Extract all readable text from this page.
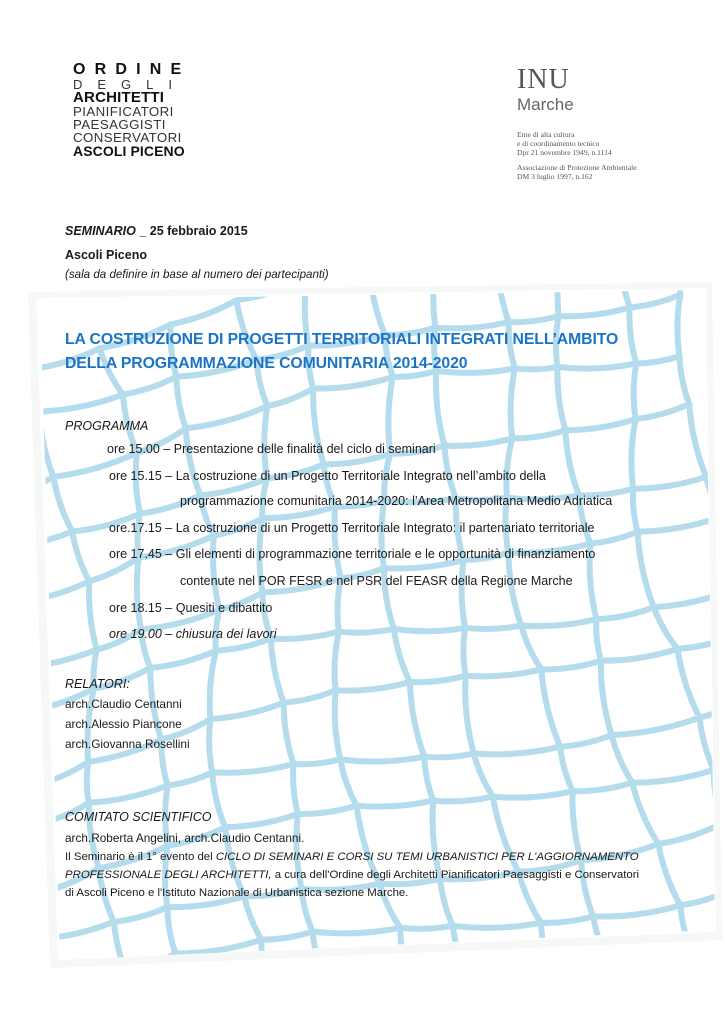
ORDINE
DEGLI
ARCHITETTI
PIANIFICATORI
PAESAGGISTI
CONSERVATORI
ASCOLI PICENO
INU
Marche
Ente di alta cultura
e di coordinamento tecnico
Dpr 21 novembre 1949, n.1114
Associazione di Protezione Ambientale
DM 3 luglio 1997, n.162
SEMINARIO _ 25 febbraio 2015
Ascoli Piceno
(sala da definire in base al numero dei partecipanti)
LA COSTRUZIONE DI PROGETTI TERRITORIALI INTEGRATI NELL’AMBITO
DELLA PROGRAMMAZIONE COMUNITARIA 2014-2020
PROGRAMMA
ore 15.00 – Presentazione delle finalità del ciclo di seminari
ore 15.15 – La costruzione di un Progetto Territoriale Integrato nell’ambito della
programmazione comunitaria 2014-2020: l’Area Metropolitana Medio Adriatica
ore.17.15 – La costruzione di un Progetto Territoriale Integrato: il partenariato territoriale
ore 17.45 – Gli elementi di programmazione territoriale e le opportunità di finanziamento
contenute nel POR FESR e nel PSR del FEASR della Regione Marche
ore 18.15 – Quesiti e dibattito
ore 19.00 – chiusura dei lavori
RELATORI:
arch.Claudio Centanni
arch.Alessio Piancone
arch.Giovanna Rosellini
COMITATO SCIENTIFICO
arch.Roberta Angelini, arch.Claudio Centanni.
Il Seminario è il 1° evento del CICLO DI SEMINARI E CORSI SU TEMI URBANISTICI PER L'AGGIORNAMENTO
PROFESSIONALE DEGLI ARCHITETTI, a cura dell'Ordine degli Architetti Pianificatori Paesaggisti e Conservatori
di Ascoli Piceno e l'Istituto Nazionale di Urbanistica sezione Marche.
